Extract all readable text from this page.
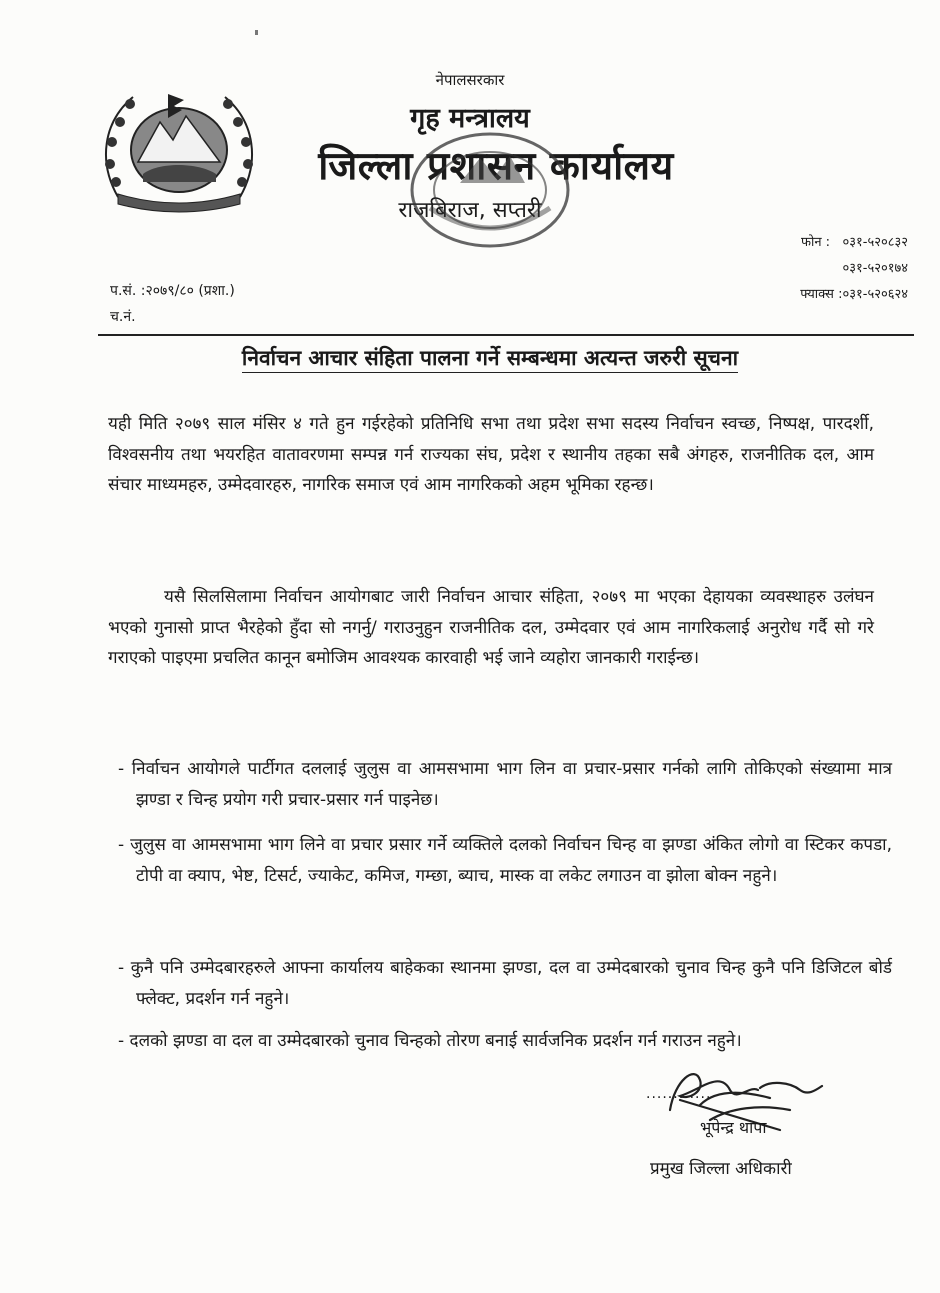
नेपालसरकार
गृह मन्त्रालय
जिल्ला प्रशासन कार्यालय
राजबिराज, सप्तरी
फोन : ०३१-५२०८३२
०३१-५२०१७४
फ्याक्स :०३१-५२०६२४
प.सं. :२०७९/८० (प्रशा.)
च.नं.
निर्वाचन आचार संहिता पालना गर्ने सम्बन्धमा अत्यन्त जरुरी सूचना
यही मिति २०७९ साल मंसिर ४ गते हुन गईरहेको प्रतिनिधि सभा तथा प्रदेश सभा सदस्य निर्वाचन स्वच्छ, निष्पक्ष, पारदर्शी, विश्वसनीय तथा भयरहित वातावरणमा सम्पन्न गर्न राज्यका संघ, प्रदेश र स्थानीय तहका सबै अंगहरु, राजनीतिक दल, आम संचार माध्यमहरु, उम्मेदवारहरु, नागरिक समाज एवं आम नागरिकको अहम भूमिका रहन्छ।
यसै सिलसिलामा निर्वाचन आयोगबाट जारी निर्वाचन आचार संहिता, २०७९ मा भएका देहायका व्यवस्थाहरु उलंघन भएको गुनासो प्राप्त भैरहेको हुँदा सो नगर्नु/ गराउनुहुन राजनीतिक दल, उम्मेदवार एवं आम नागरिकलाई अनुरोध गर्दै सो गरे गराएको पाइएमा प्रचलित कानून बमोजिम आवश्यक कारवाही भई जाने व्यहोरा जानकारी गराईन्छ।
- निर्वाचन आयोगले पार्टीगत दललाई जुलुस वा आमसभामा भाग लिन वा प्रचार-प्रसार गर्नको लागि तोकिएको संख्यामा मात्र झण्डा र चिन्ह प्रयोग गरी प्रचार-प्रसार गर्न पाइनेछ।
- जुलुस वा आमसभामा भाग लिने वा प्रचार प्रसार गर्ने व्यक्तिले दलको निर्वाचन चिन्ह वा झण्डा अंकित लोगो वा स्टिकर कपडा, टोपी वा क्याप, भेष्ट, टिसर्ट, ज्याकेट, कमिज, गम्छा, ब्याच, मास्क वा लकेट लगाउन वा झोला बोक्न नहुने।
- कुनै पनि उम्मेदबारहरुले आफ्ना कार्यालय बाहेकका स्थानमा झण्डा, दल वा उम्मेदबारको चुनाव चिन्ह कुनै पनि डिजिटल बोर्ड फ्लेक्ट, प्रदर्शन गर्न नहुने।
- दलको झण्डा वा दल वा उम्मेदबारको चुनाव चिन्हको तोरण बनाई सार्वजनिक प्रदर्शन गर्न गराउन नहुने।
............
भूपेन्द्र थापा
प्रमुख जिल्ला अधिकारी
